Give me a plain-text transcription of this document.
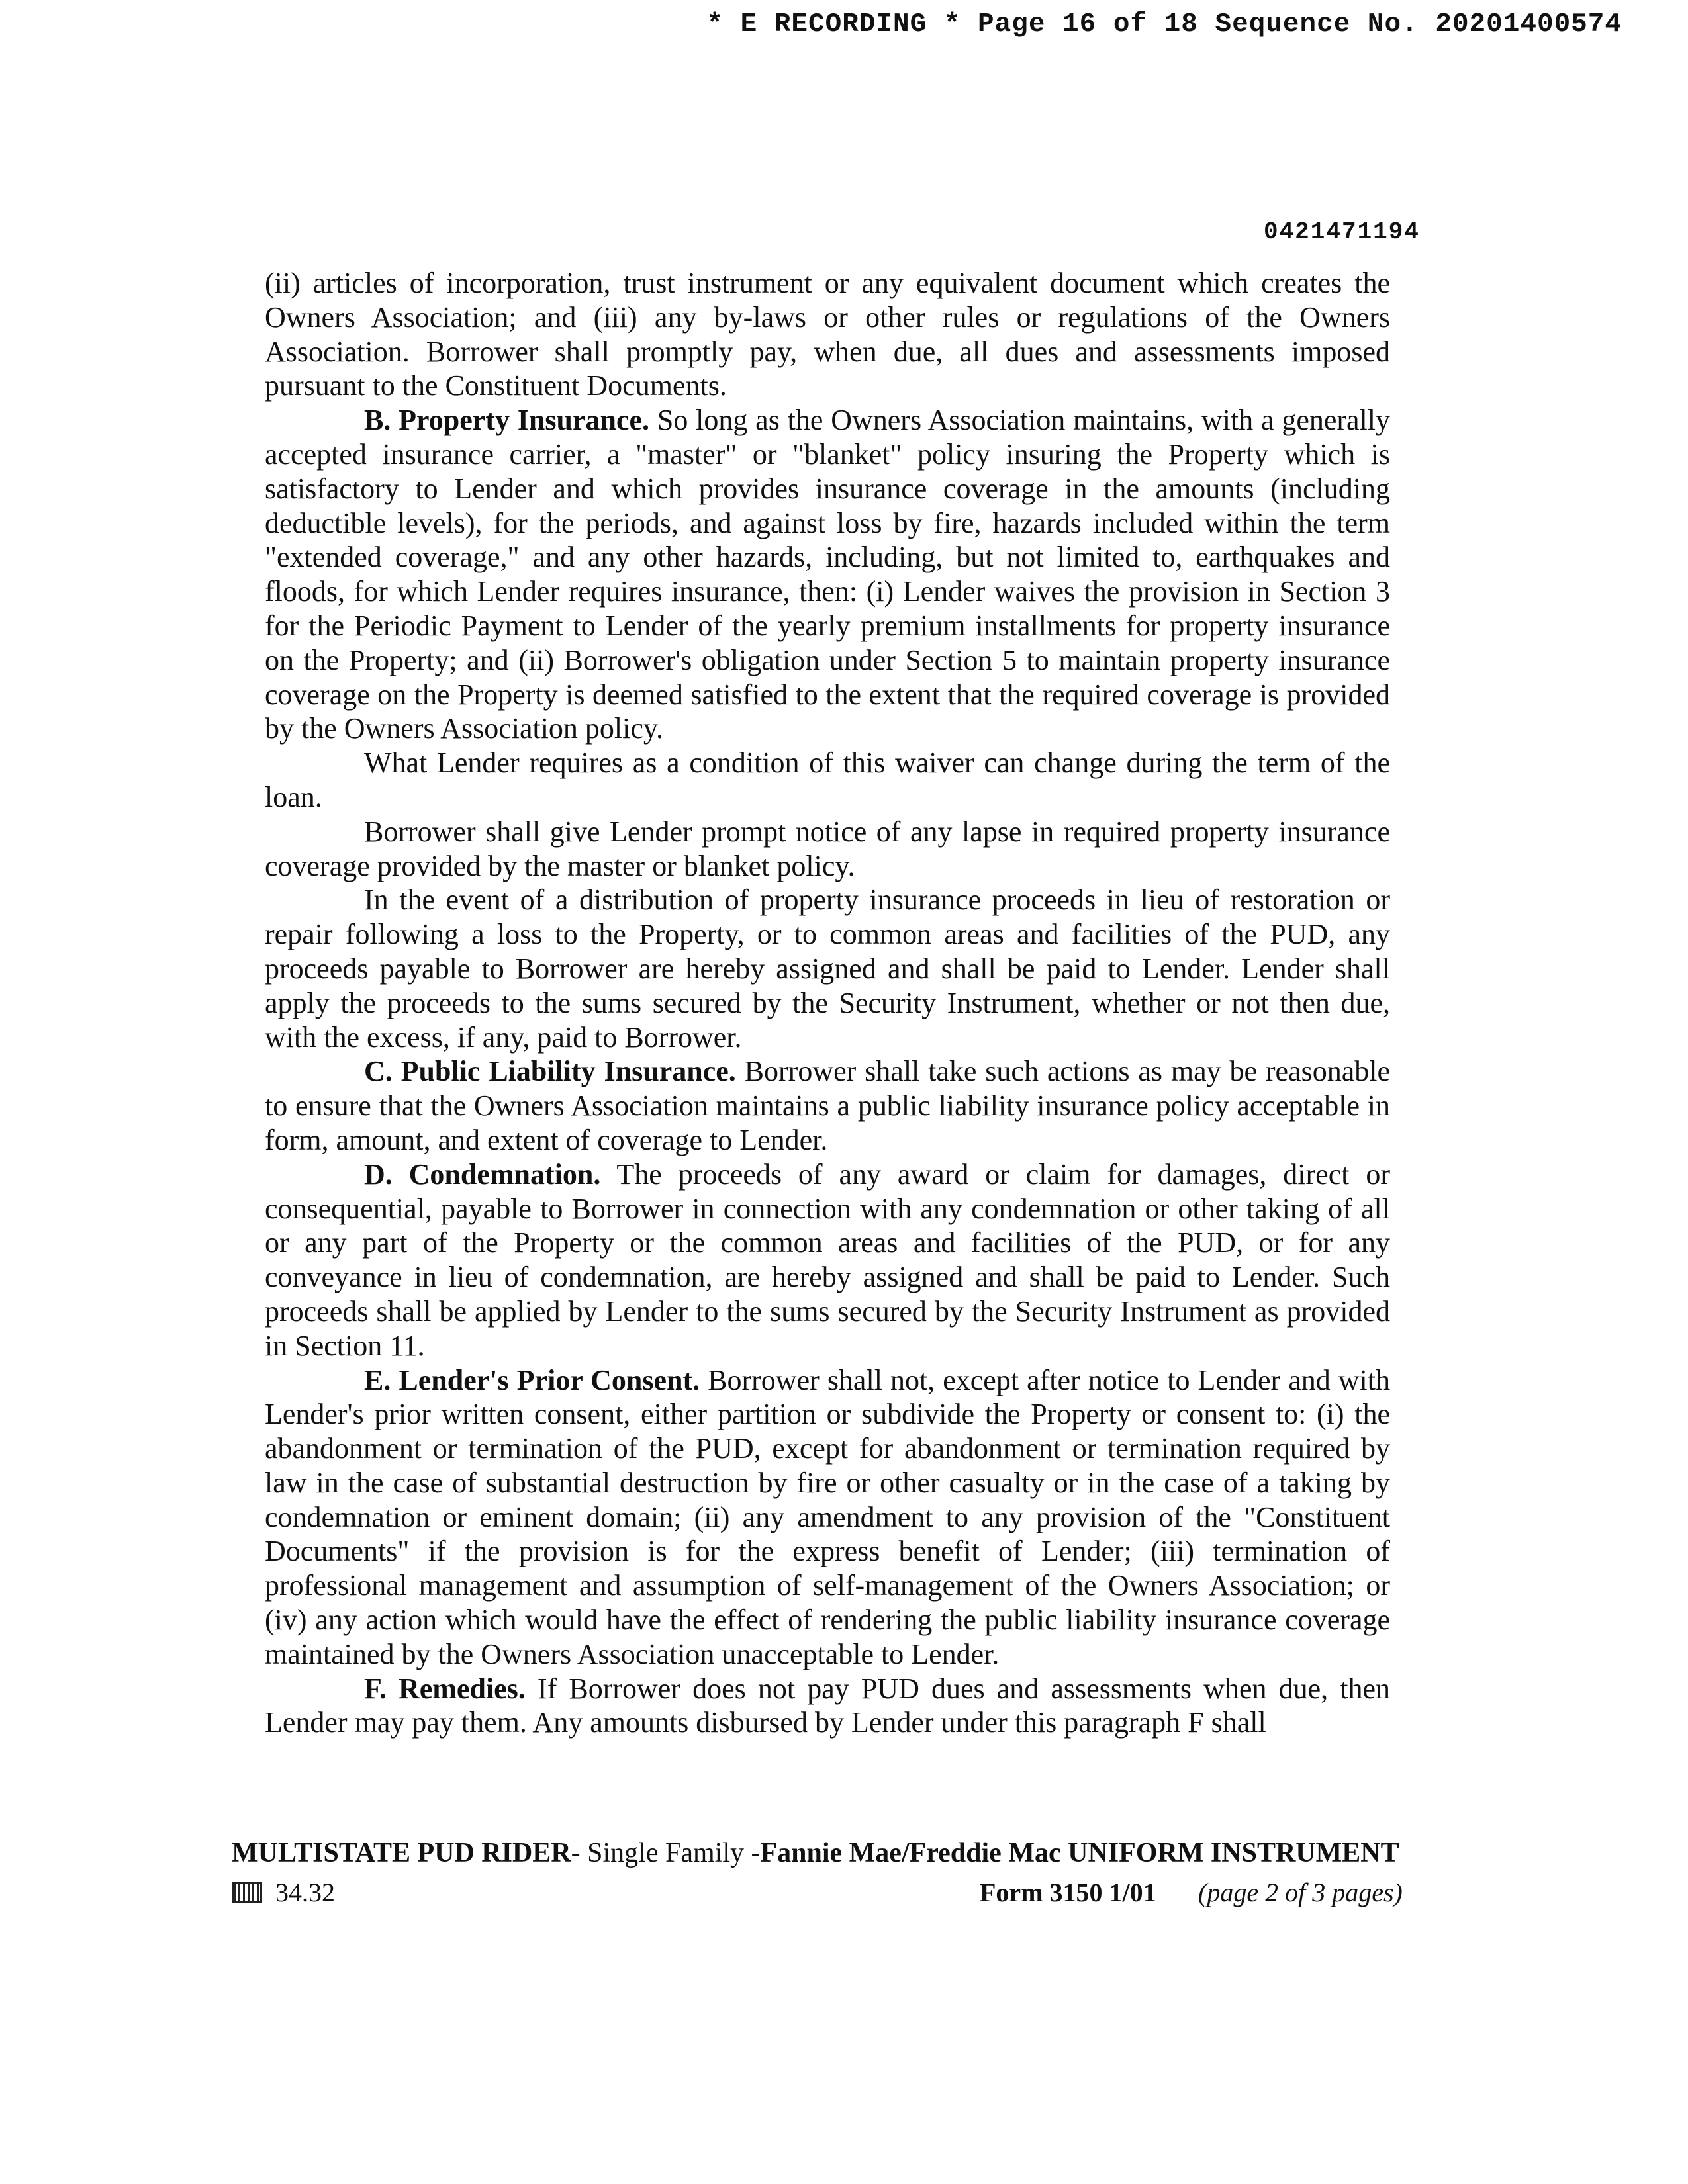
* E RECORDING * Page 16 of 18 Sequence No. 20201400574
0421471194

(ii) articles of incorporation, trust instrument or any equivalent document which creates the Owners Association; and (iii) any by-laws or other rules or regulations of the Owners Association. Borrower shall promptly pay, when due, all dues and assessments imposed pursuant to the Constituent Documents.

B. Property Insurance. So long as the Owners Association maintains, with a generally accepted insurance carrier, a "master" or "blanket" policy insuring the Property which is satisfactory to Lender and which provides insurance coverage in the amounts (including deductible levels), for the periods, and against loss by fire, hazards included within the term "extended coverage," and any other hazards, including, but not limited to, earthquakes and floods, for which Lender requires insurance, then: (i) Lender waives the provision in Section 3 for the Periodic Payment to Lender of the yearly premium installments for property insurance on the Property; and (ii) Borrower's obligation under Section 5 to maintain property insurance coverage on the Property is deemed satisfied to the extent that the required coverage is provided by the Owners Association policy.

What Lender requires as a condition of this waiver can change during the term of the loan.

Borrower shall give Lender prompt notice of any lapse in required property insurance coverage provided by the master or blanket policy.

In the event of a distribution of property insurance proceeds in lieu of restoration or repair following a loss to the Property, or to common areas and facilities of the PUD, any proceeds payable to Borrower are hereby assigned and shall be paid to Lender. Lender shall apply the proceeds to the sums secured by the Security Instrument, whether or not then due, with the excess, if any, paid to Borrower.

C. Public Liability Insurance. Borrower shall take such actions as may be reasonable to ensure that the Owners Association maintains a public liability insurance policy acceptable in form, amount, and extent of coverage to Lender.

D. Condemnation. The proceeds of any award or claim for damages, direct or consequential, payable to Borrower in connection with any condemnation or other taking of all or any part of the Property or the common areas and facilities of the PUD, or for any conveyance in lieu of condemnation, are hereby assigned and shall be paid to Lender. Such proceeds shall be applied by Lender to the sums secured by the Security Instrument as provided in Section 11.

E. Lender's Prior Consent. Borrower shall not, except after notice to Lender and with Lender's prior written consent, either partition or subdivide the Property or consent to: (i) the abandonment or termination of the PUD, except for abandonment or termination required by law in the case of substantial destruction by fire or other casualty or in the case of a taking by condemnation or eminent domain; (ii) any amendment to any provision of the "Constituent Documents" if the provision is for the express benefit of Lender; (iii) termination of professional management and assumption of self-management of the Owners Association; or (iv) any action which would have the effect of rendering the public liability insurance coverage maintained by the Owners Association unacceptable to Lender.

F. Remedies. If Borrower does not pay PUD dues and assessments when due, then Lender may pay them. Any amounts disbursed by Lender under this paragraph F shall

MULTISTATE PUD RIDER- Single Family -Fannie Mae/Freddie Mac UNIFORM INSTRUMENT
34.32	Form 3150 1/01 (page 2 of 3 pages)
